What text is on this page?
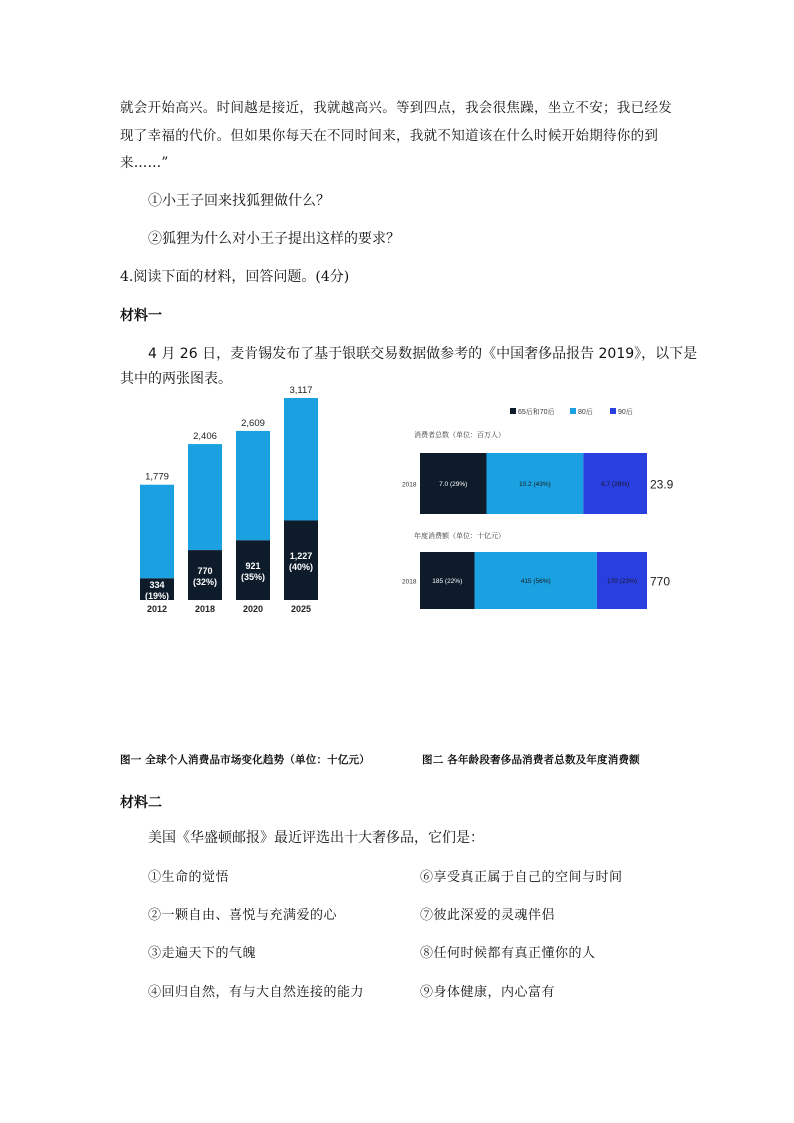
就会开始高兴。时间越是接近，我就越高兴。等到四点，我会很焦躁，坐立不安；我已经发
现了幸福的代价。但如果你每天在不同时间来，我就不知道该在什么时候开始期待你的到
来……”
①小王子回来找狐狸做什么？
②狐狸为什么对小王子提出这样的要求？
4.阅读下面的材料，回答问题。(4分)
材料一
4 月 26 日，麦肯锡发布了基于银联交易数据做参考的《中国奢侈品报告 2019》，以下是
其中的两张图表。
1,779
334
(19%)
2012
2,406
770
(32%)
2018
2,609
921
(35%)
2020
3,117
1,227
(40%)
2025
65后和70后	80后	90后
消费者总数（单位：百万人）
2018	7.0 (29%)	10.2 (43%)	6.7 (28%) 23.9
年度消费额（单位：十亿元）
2018 185 (22%)	415 (56%)	170 (23%) 770
图一 全球个人消费品市场变化趋势（单位：十亿元）	图二 各年龄段奢侈品消费者总数及年度消费额
材料二
美国《华盛顿邮报》最近评选出十大奢侈品，它们是：
①生命的觉悟
②一颗自由、喜悦与充满爱的心
③走遍天下的气魄
④回归自然，有与大自然连接的能力
⑥享受真正属于自己的空间与时间
⑦彼此深爱的灵魂伴侣
⑧任何时候都有真正懂你的人
⑨身体健康，内心富有
